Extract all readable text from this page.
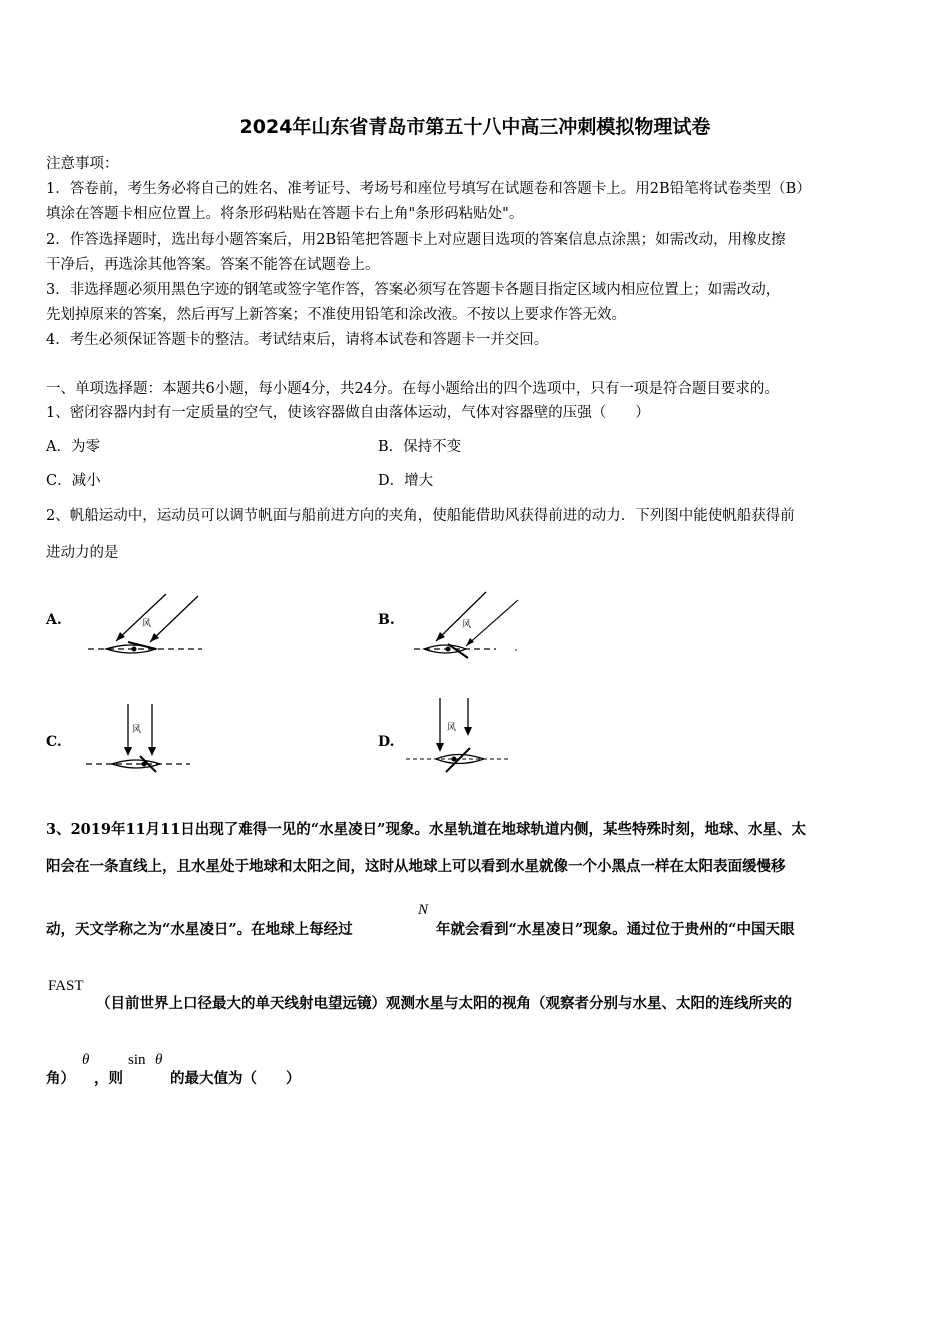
2024年山东省青岛市第五十八中高三冲刺模拟物理试卷
注意事项：
1．答卷前，考生务必将自己的姓名、准考证号、考场号和座位号填写在试题卷和答题卡上。用2B铅笔将试卷类型（B）
填涂在答题卡相应位置上。将条形码粘贴在答题卡右上角"条形码粘贴处"。
2．作答选择题时，选出每小题答案后，用2B铅笔把答题卡上对应题目选项的答案信息点涂黑；如需改动，用橡皮擦
干净后，再选涂其他答案。答案不能答在试题卷上。
3．非选择题必须用黑色字迹的钢笔或签字笔作答，答案必须写在答题卡各题目指定区域内相应位置上；如需改动，
先划掉原来的答案，然后再写上新答案；不准使用铅笔和涂改液。不按以上要求作答无效。
4．考生必须保证答题卡的整洁。考试结束后，请将本试卷和答题卡一并交回。
一、单项选择题：本题共6小题，每小题4分，共24分。在每小题给出的四个选项中，只有一项是符合题目要求的。
1、密闭容器内封有一定质量的空气，使该容器做自由落体运动，气体对容器壁的压强（　　）
A．为零	B．保持不变
C．减小	D．增大
2、帆船运动中，运动员可以调节帆面与船前进方向的夹角，使船能借助风获得前进的动力．下列图中能使帆船获得前
进动力的是
A.	B.
C.	D.
风	风
风	风
3、2019年11月11日出现了难得一见的“水星凌日”现象。水星轨道在地球轨道内侧，某些特殊时刻，地球、水星、太
阳会在一条直线上，且水星处于地球和太阳之间，这时从地球上可以看到水星就像一个小黑点一样在太阳表面缓慢移
动，天文学称之为“水星凌日”。在地球上每经过
N
年就会看到“水星凌日”现象。通过位于贵州的“中国天眼
FAST
（目前世界上口径最大的单天线射电望远镜）观测水星与太阳的视角（观察者分别与水星、太阳的连线所夹的
角）
θ
，则
sin θ
的最大值为（　　）
